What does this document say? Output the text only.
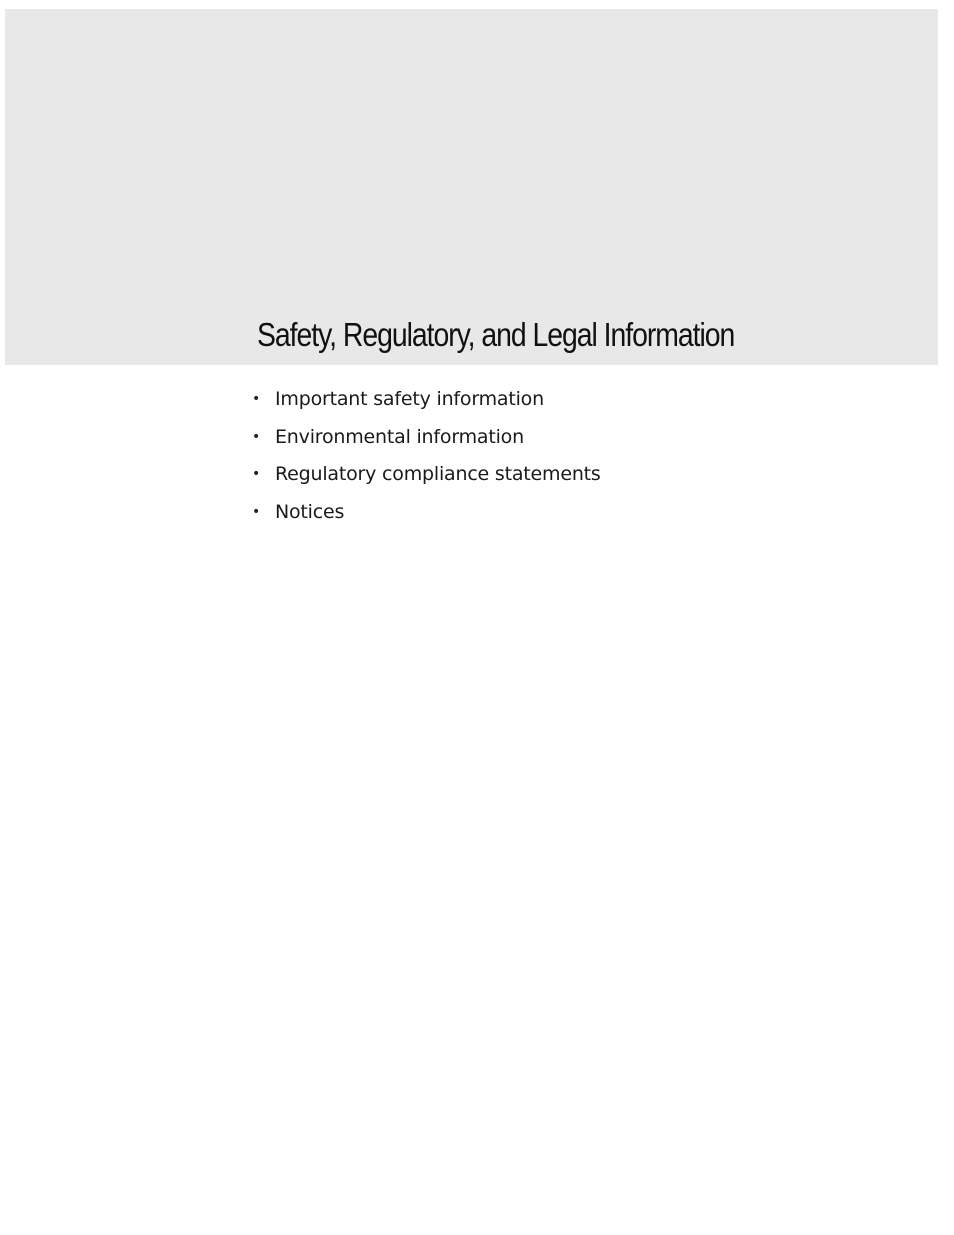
Safety, Regulatory, and Legal Information
• Important safety information
• Environmental information
• Regulatory compliance statements
• Notices
